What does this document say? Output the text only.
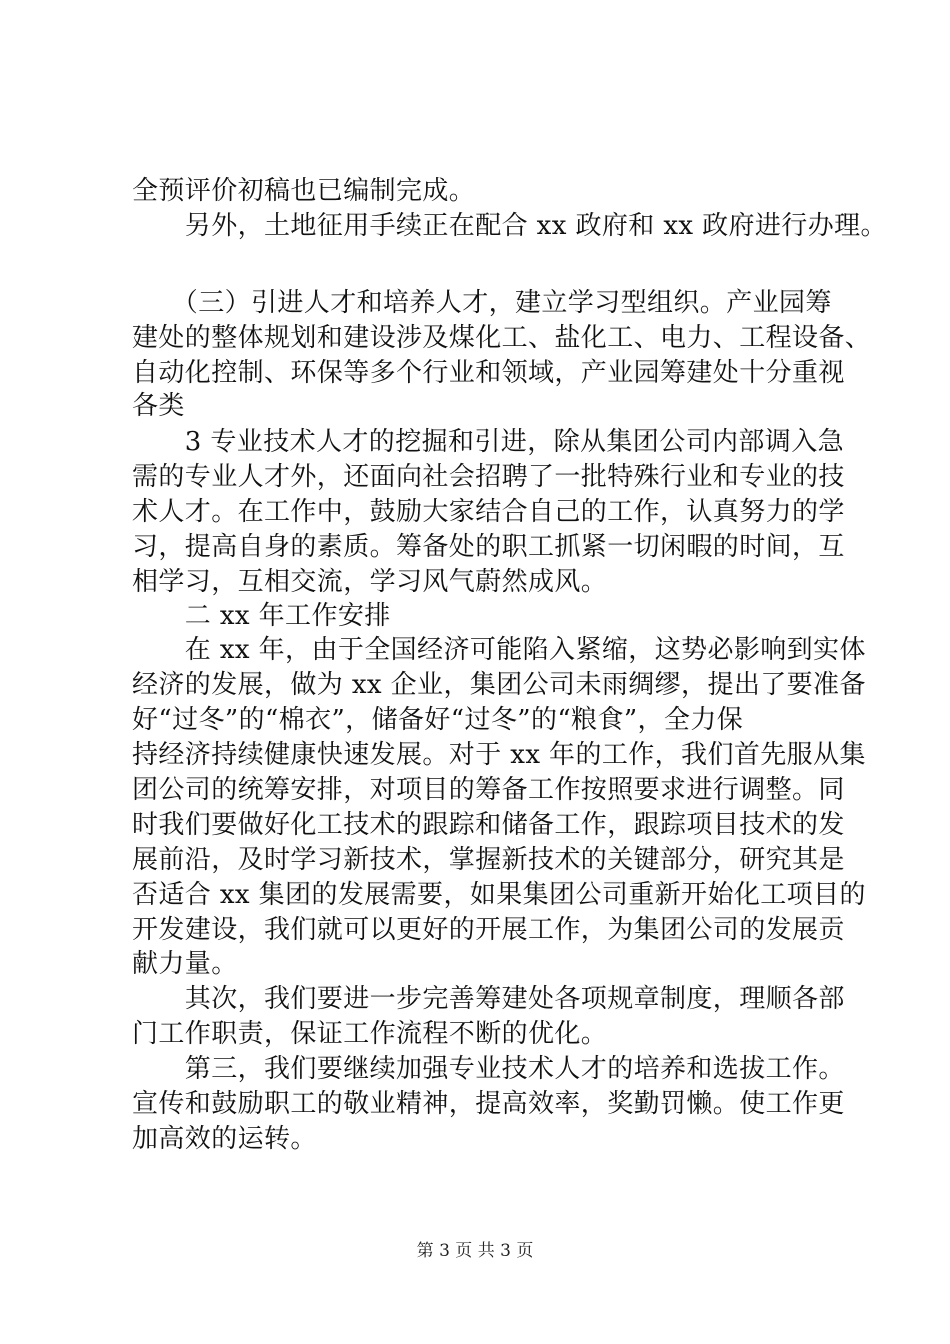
全预评价初稿也已编制完成。
　　另外，土地征用手续正在配合 xx 政府和 xx 政府进行办理。
　　（三）引进人才和培养人才，建立学习型组织。产业园筹
建处的整体规划和建设涉及煤化工、盐化工、电力、工程设备、
自动化控制、环保等多个行业和领域，产业园筹建处十分重视
各类
　　3 专业技术人才的挖掘和引进，除从集团公司内部调入急
需的专业人才外，还面向社会招聘了一批特殊行业和专业的技
术人才。在工作中，鼓励大家结合自己的工作，认真努力的学
习，提高自身的素质。筹备处的职工抓紧一切闲暇的时间，互
相学习，互相交流，学习风气蔚然成风。
　　二 xx 年工作安排
　　在 xx 年，由于全国经济可能陷入紧缩，这势必影响到实体
经济的发展，做为 xx 企业，集团公司未雨绸缪，提出了要准备
好“过冬”的“棉衣”，储备好“过冬”的“粮食”，全力保
持经济持续健康快速发展。对于 xx 年的工作，我们首先服从集
团公司的统筹安排，对项目的筹备工作按照要求进行调整。同
时我们要做好化工技术的跟踪和储备工作，跟踪项目技术的发
展前沿，及时学习新技术，掌握新技术的关键部分，研究其是
否适合 xx 集团的发展需要，如果集团公司重新开始化工项目的
开发建设，我们就可以更好的开展工作，为集团公司的发展贡
献力量。
　　其次，我们要进一步完善筹建处各项规章制度，理顺各部
门工作职责，保证工作流程不断的优化。
　　第三，我们要继续加强专业技术人才的培养和选拔工作。
宣传和鼓励职工的敬业精神，提高效率，奖勤罚懒。使工作更
加高效的运转。
第 3 页 共 3 页
